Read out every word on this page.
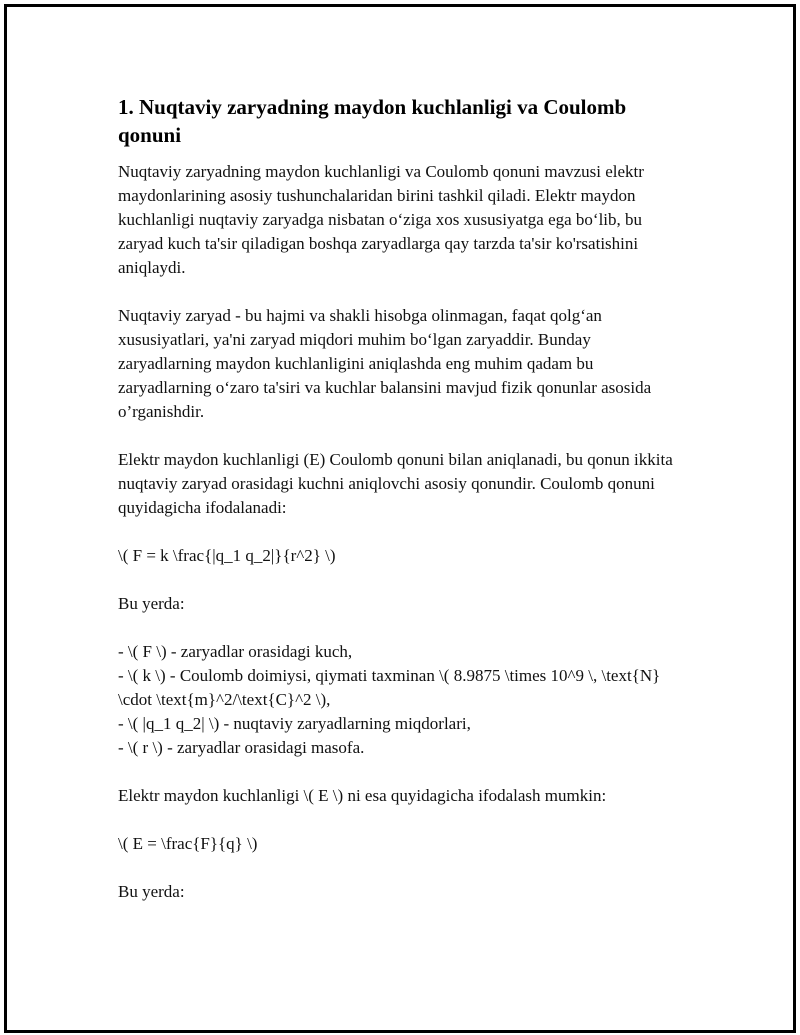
1. Nuqtaviy zaryadning maydon kuchlanligi va Coulomb qonuni

Nuqtaviy zaryadning maydon kuchlanligi va Coulomb qonuni mavzusi elektr maydonlarining asosiy tushunchalaridan birini tashkil qiladi. Elektr maydon kuchlanligi nuqtaviy zaryadga nisbatan o‘ziga xos xususiyatga ega bo‘lib, bu zaryad kuch ta'sir qiladigan boshqa zaryadlarga qay tarzda ta'sir ko'rsatishini aniqlaydi.

Nuqtaviy zaryad - bu hajmi va shakli hisobga olinmagan, faqat qolg‘an xususiyatlari, ya'ni zaryad miqdori muhim bo‘lgan zaryaddir. Bunday zaryadlarning maydon kuchlanligini aniqlashda eng muhim qadam bu zaryadlarning o‘zaro ta'siri va kuchlar balansini mavjud fizik qonunlar asosida o’rganishdir.

Elektr maydon kuchlanligi (E) Coulomb qonuni bilan aniqlanadi, bu qonun ikkita nuqtaviy zaryad orasidagi kuchni aniqlovchi asosiy qonundir. Coulomb qonuni quyidagicha ifodalanadi:

\( F = k \frac{|q_1 q_2|}{r^2} \)

Bu yerda:

- \( F \) - zaryadlar orasidagi kuch,
- \( k \) - Coulomb doimiysi, qiymati taxminan \( 8.9875 \times 10^9 \, \text{N} \cdot \text{m}^2/\text{C}^2 \),
- \( |q_1 q_2| \) - nuqtaviy zaryadlarning miqdorlari,
- \( r \) - zaryadlar orasidagi masofa.

Elektr maydon kuchlanligi \( E \) ni esa quyidagicha ifodalash mumkin:

\( E = \frac{F}{q} \)

Bu yerda:
